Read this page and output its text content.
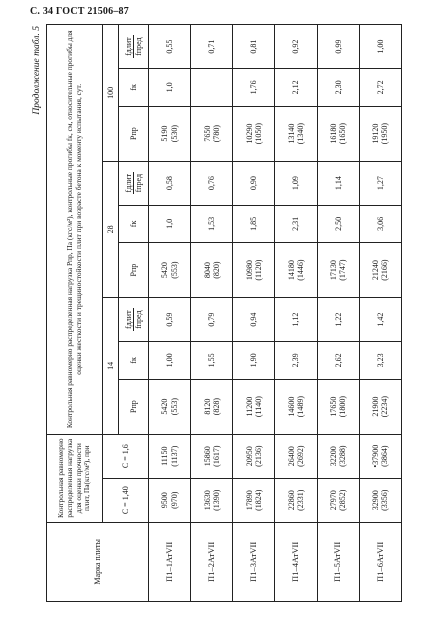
С. 34 ГОСТ 21506–87
Продолжение табл. 5
Марка плиты	Контрольная равномерно распределенная нагрузка для оценки прочности плит, Па(кгс/м²), при		Контрольная равномерно распределенная нагрузка Pпр, Па (кгс/м²), контрольные прогибы fк, см, относительные прогибы для оценки жесткости и трещиностойкости плит при возрасте бетона к моменту испытания, сут.								
	C = 1,40	C = 1,6	14			28			100		
			Pпр	fк	fдлит fпред	Pпр	fк	fдлит fпред	Pпр	fк	fдлит fпред

П1–1АтVII	9500 (970)	11150 (1137)	5420 (553)	1,00	0,59	5420 (553)	1,0	0,58	5190 (530)	1,0	0,55
П1–2АтVII	13630 (1390)	15860 (1617)	8120 (828)	1,55	0,79	8040 (820)	1,53	0,76	7650 (780)		0,71
П1–3АтVII	17890 (1824)	20950 (2136)	11200 (1140)	1,90	0,94	10980 (1120)	1,85	0,90	10290 (1050)	1,76	0,81
П1–4АтVII	22860 (2331)	26400 (2692)	14600 (1489)	2,39	1,12	14180 (1446)	2,31	1,09	13140 (1340)	2,12	0,92
П1–5АтVII	27970 (2852)	32200 (3288)	17650 (1800)	2,62	1,22	17130 (1747)	2,50	1,14	16180 (1650)	2,30	0,99
П1–6АтVII	32900 (3356)	•37900 (3864)	21900 (2234)	3,23	1,42	21240 (2166)	3,06	1,27	19120 (1950)	2,72	1,00
